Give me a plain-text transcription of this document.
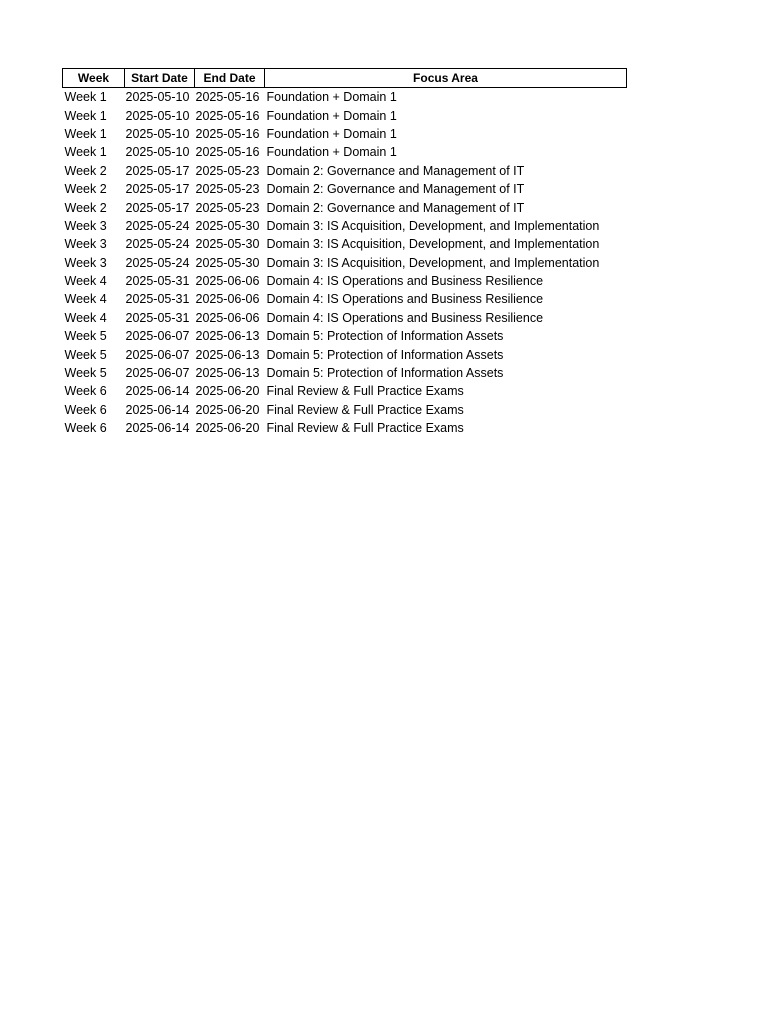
Week	Start Date	End Date	Focus Area
Week 1	2025-05-10	2025-05-16	Foundation + Domain 1
Week 1	2025-05-10	2025-05-16	Foundation + Domain 1
Week 1	2025-05-10	2025-05-16	Foundation + Domain 1
Week 1	2025-05-10	2025-05-16	Foundation + Domain 1
Week 2	2025-05-17	2025-05-23	Domain 2: Governance and Management of IT
Week 2	2025-05-17	2025-05-23	Domain 2: Governance and Management of IT
Week 2	2025-05-17	2025-05-23	Domain 2: Governance and Management of IT
Week 3	2025-05-24	2025-05-30	Domain 3: IS Acquisition, Development, and Implementation
Week 3	2025-05-24	2025-05-30	Domain 3: IS Acquisition, Development, and Implementation
Week 3	2025-05-24	2025-05-30	Domain 3: IS Acquisition, Development, and Implementation
Week 4	2025-05-31	2025-06-06	Domain 4: IS Operations and Business Resilience
Week 4	2025-05-31	2025-06-06	Domain 4: IS Operations and Business Resilience
Week 4	2025-05-31	2025-06-06	Domain 4: IS Operations and Business Resilience
Week 5	2025-06-07	2025-06-13	Domain 5: Protection of Information Assets
Week 5	2025-06-07	2025-06-13	Domain 5: Protection of Information Assets
Week 5	2025-06-07	2025-06-13	Domain 5: Protection of Information Assets
Week 6	2025-06-14	2025-06-20	Final Review & Full Practice Exams
Week 6	2025-06-14	2025-06-20	Final Review & Full Practice Exams
Week 6	2025-06-14	2025-06-20	Final Review & Full Practice Exams
